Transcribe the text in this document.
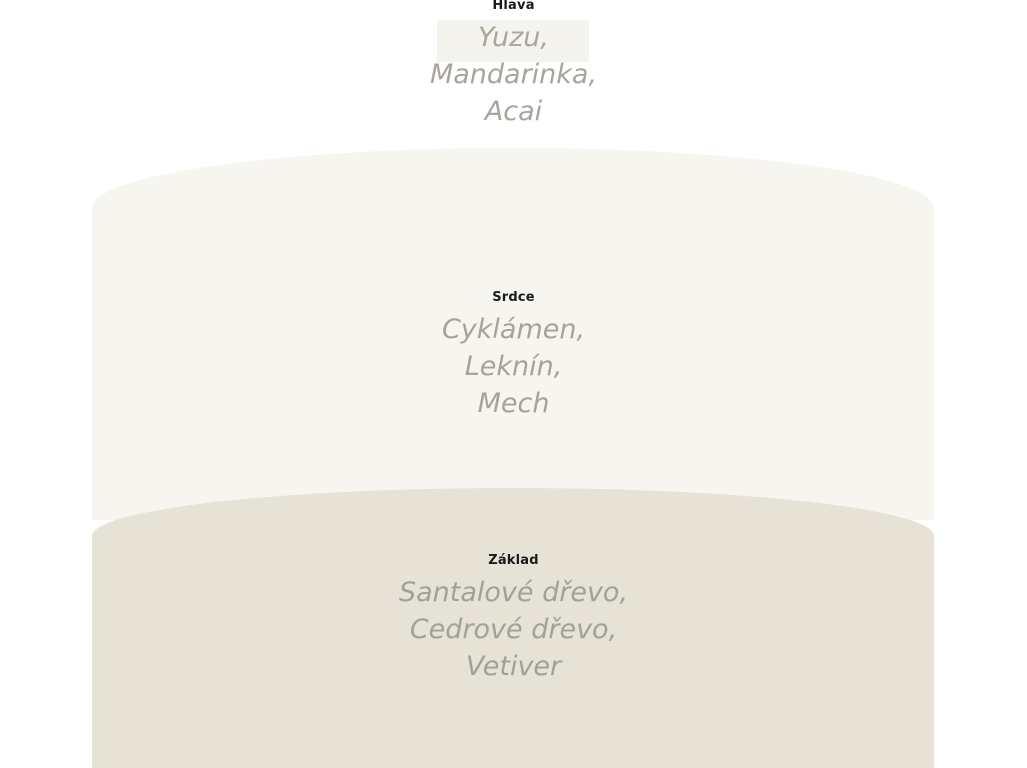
Hlava
Yuzu,
Mandarinka,
Acai
Srdce
Cyklámen,
Leknín,
Mech
Základ
Santalové dřevo,
Cedrové dřevo,
Vetiver
